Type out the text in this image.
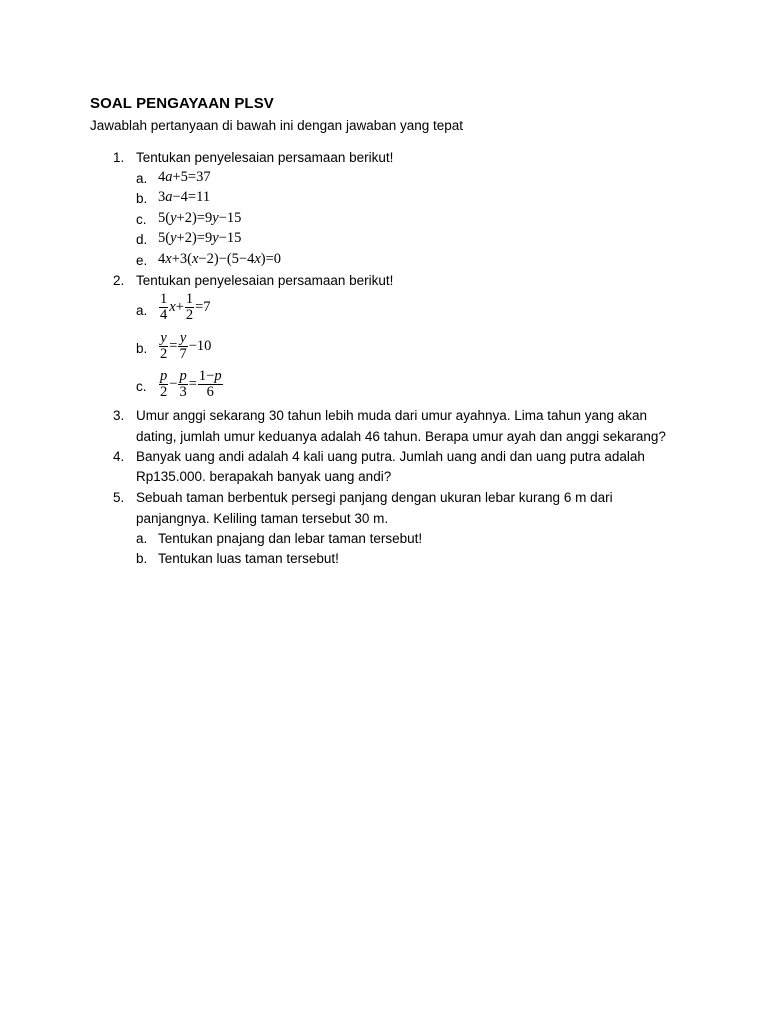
SOAL PENGAYAAN PLSV
Jawablah pertanyaan di bawah ini dengan jawaban yang tepat
1. Tentukan penyelesaian persamaan berikut!
a. 4a+5=37
b. 3a−4=11
c. 5(y+2)=9y−15
d. 5(y+2)=9y−15
e. 4x+3(x−2)−(5−4x)=0
2. Tentukan penyelesaian persamaan berikut!
a. $\frac{1}{4} x+ \frac{1}{2} =7$
b. $\frac{y}{2} = \frac{y}{7} -10$
c. $\frac{p}{2} - \frac{p}{3} = \frac{1-p}{6}$
3. Umur anggi sekarang 30 tahun lebih muda dari umur ayahnya. Lima tahun yang akan
dating, jumlah umur keduanya adalah 46 tahun. Berapa umur ayah dan anggi sekarang?
4. Banyak uang andi adalah 4 kali uang putra. Jumlah uang andi dan uang putra adalah
Rp135.000. berapakah banyak uang andi?
5. Sebuah taman berbentuk persegi panjang dengan ukuran lebar kurang 6 m dari
panjangnya. Keliling taman tersebut 30 m.
a. Tentukan pnajang dan lebar taman tersebut!
b. Tentukan luas taman tersebut!
